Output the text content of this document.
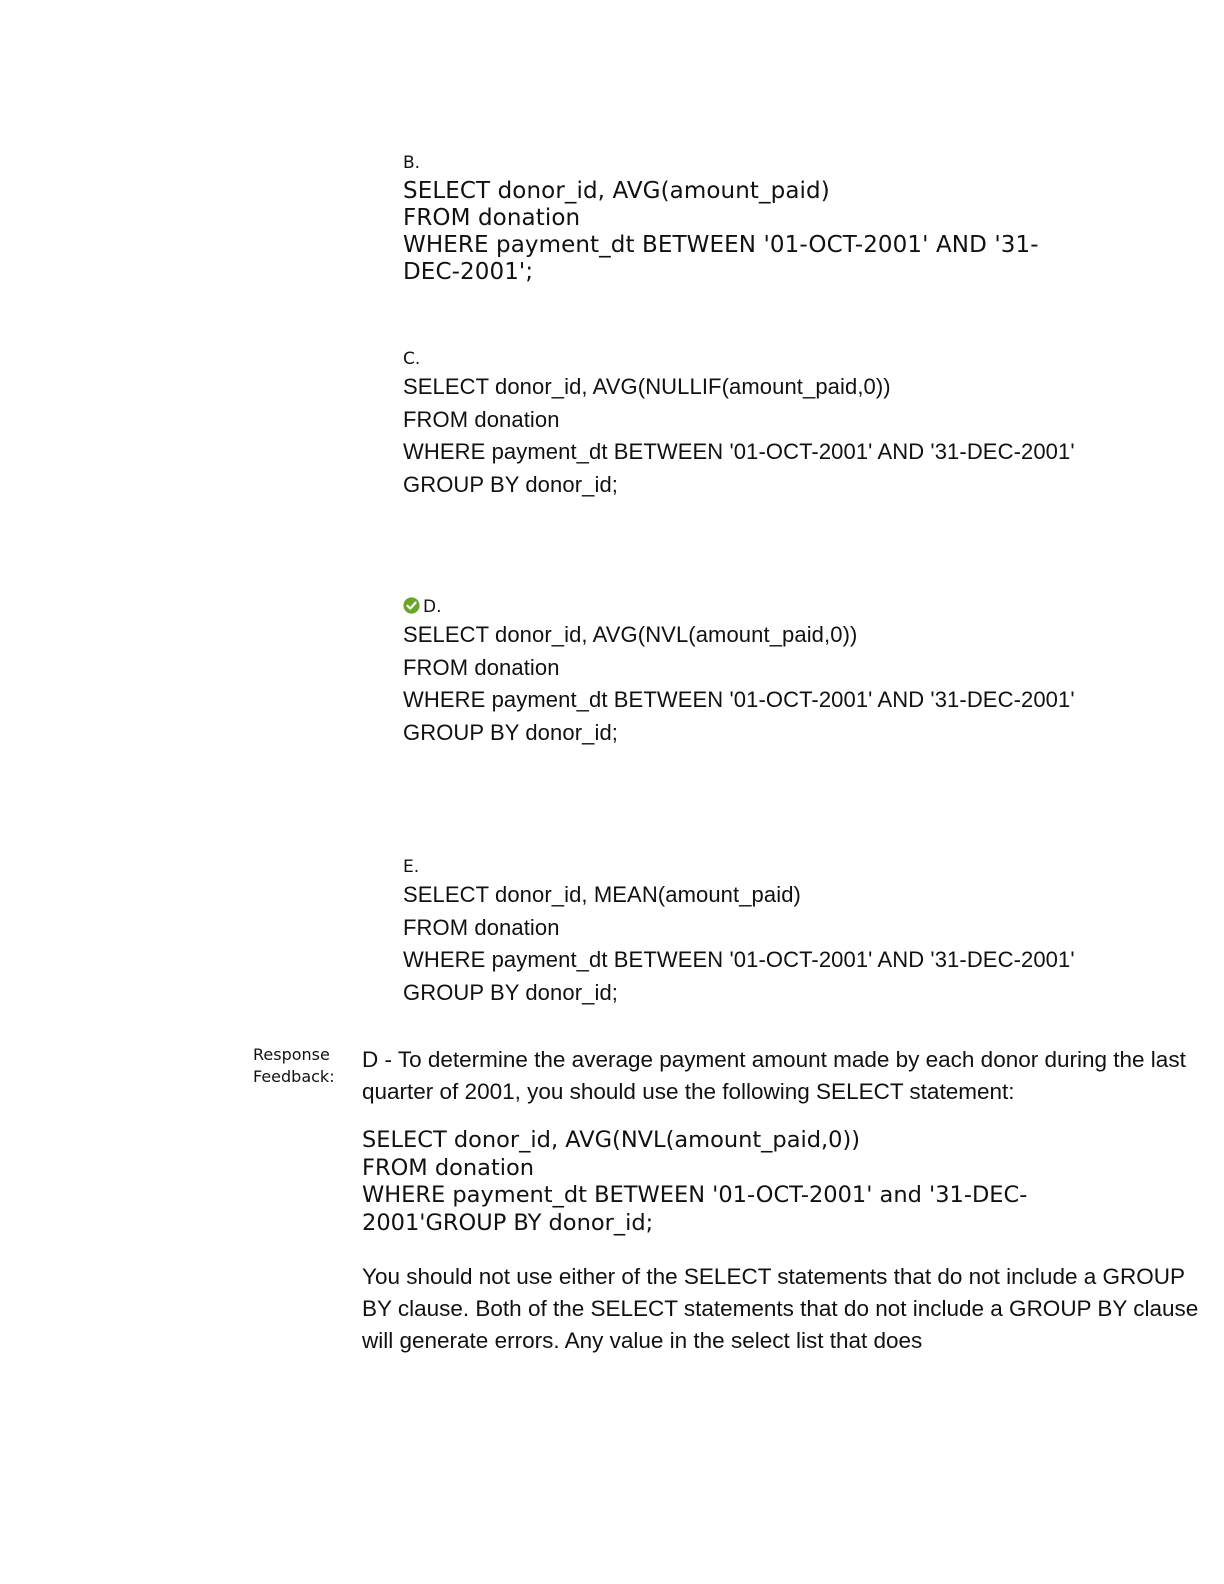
B.
SELECT donor_id, AVG(amount_paid)
FROM donation
WHERE payment_dt BETWEEN '01-OCT-2001' AND '31-
DEC-2001';
C.
SELECT donor_id, AVG(NULLIF(amount_paid,0))
FROM donation
WHERE payment_dt BETWEEN '01-OCT-2001' AND '31-DEC-2001'
GROUP BY donor_id;
D.
SELECT donor_id, AVG(NVL(amount_paid,0))
FROM donation
WHERE payment_dt BETWEEN '01-OCT-2001' AND '31-DEC-2001'
GROUP BY donor_id;
E.
SELECT donor_id, MEAN(amount_paid)
FROM donation
WHERE payment_dt BETWEEN '01-OCT-2001' AND '31-DEC-2001'
GROUP BY donor_id;
Response
Feedback:

D - To determine the average payment amount made by each donor during the last quarter of 2001, you should use the following SELECT statement:

SELECT donor_id, AVG(NVL(amount_paid,0))
FROM donation
WHERE payment_dt BETWEEN '01-OCT-2001' and '31-DEC-
2001'GROUP BY donor_id;

You should not use either of the SELECT statements that do not include a GROUP BY clause. Both of the SELECT statements that do not include a GROUP BY clause will generate errors. Any value in the select list that does
